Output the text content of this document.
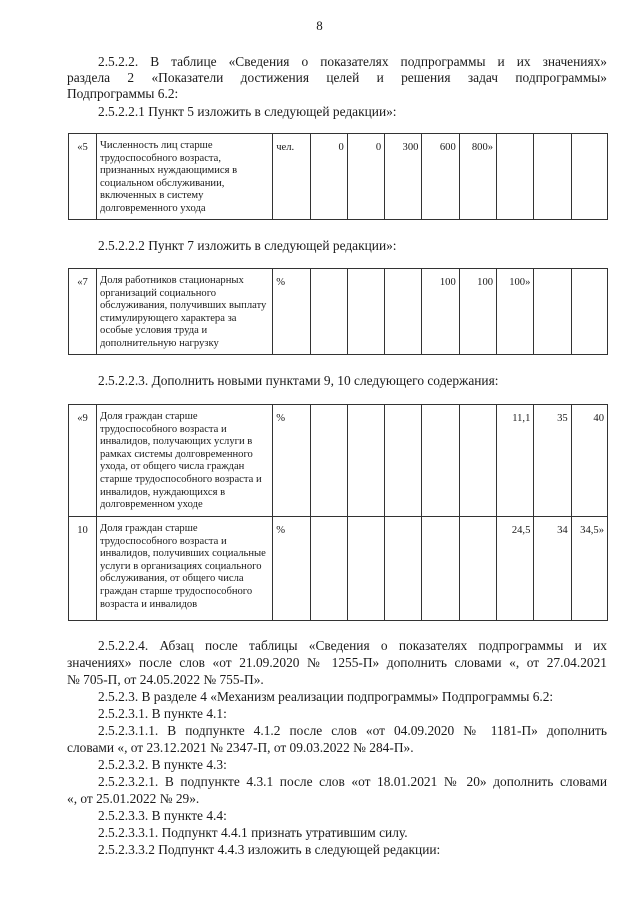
8
2.5.2.2. В таблице «Сведения о показателях подпрограммы и их значениях»
раздела 2 «Показатели достижения целей и решения задач подпрограммы»
Подпрограммы 6.2:
2.5.2.2.1 Пункт 5 изложить в следующей редакции»:
«5	Численность лиц старше трудоспособного возраста, признанных нуждающимися в социальном обслуживании, включенных в систему долговременного ухода	чел.	0	0	300	600	800»			
2.5.2.2.2 Пункт 7 изложить в следующей редакции»:
«7	Доля работников стационарных организаций социального обслуживания, получивших выплату стимулирующего характера за особые условия труда и дополнительную нагрузку	%				100	100	100»		
2.5.2.2.3. Дополнить новыми пунктами 9, 10 следующего содержания:
«9	Доля граждан старше трудоспособного возраста и инвалидов, получающих услуги в рамках системы долговременного ухода, от общего числа граждан старше трудоспособного возраста и инвалидов, нуждающихся в долговременном уходе	%						11,1	35	40
10	Доля граждан старше трудоспособного возраста и инвалидов, получивших социальные услуги в организациях социального обслуживания, от общего числа граждан старше трудоспособного возраста и инвалидов	%						24,5	34	34,5»
2.5.2.2.4. Абзац после таблицы «Сведения о показателях подпрограммы и их
значениях» после слов «от 21.09.2020 № 1255-П» дополнить словами «, от 27.04.2021
№ 705-П, от 24.05.2022 № 755-П».
2.5.2.3. В разделе 4 «Механизм реализации подпрограммы» Подпрограммы 6.2:
2.5.2.3.1. В пункте 4.1:
2.5.2.3.1.1. В подпункте 4.1.2 после слов «от 04.09.2020 № 1181-П» дополнить
словами «, от 23.12.2021 № 2347-П, от 09.03.2022 № 284-П».
2.5.2.3.2. В пункте 4.3:
2.5.2.3.2.1. В подпункте 4.3.1 после слов «от 18.01.2021 № 20» дополнить словами
«, от 25.01.2022 № 29».
2.5.2.3.3. В пункте 4.4:
2.5.2.3.3.1. Подпункт 4.4.1 признать утратившим силу.
2.5.2.3.3.2 Подпункт 4.4.3 изложить в следующей редакции:
